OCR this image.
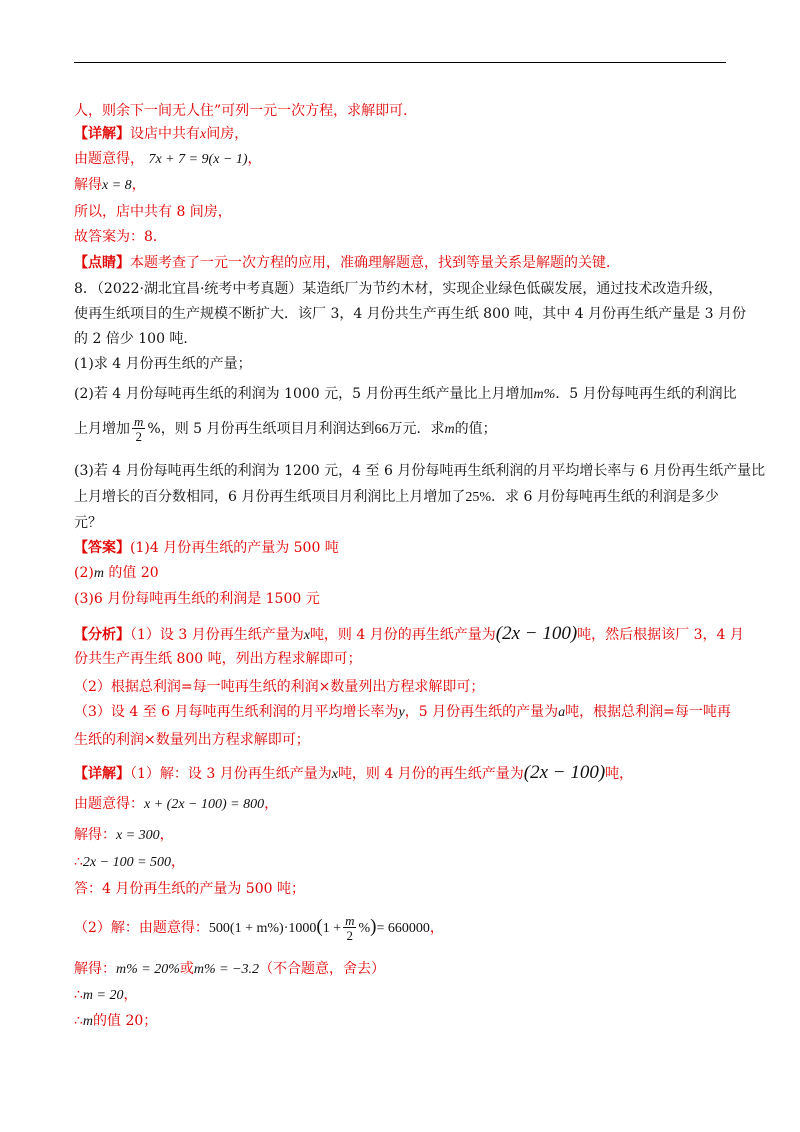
人，则余下一间无人住”可列一元一次方程，求解即可．
【详解】设店中共有x间房，
由题意得， 7x + 7 = 9(x − 1)，
解得x = 8，
所以，店中共有 8 间房，
故答案为：8．
【点睛】本题考查了一元一次方程的应用，准确理解题意，找到等量关系是解题的关键．
8．（2022·湖北宜昌·统考中考真题）某造纸厂为节约木材，实现企业绿色低碳发展，通过技术改造升级，
使再生纸项目的生产规模不断扩大．该厂 3，4 月份共生产再生纸 800 吨，其中 4 月份再生纸产量是 3 月份
的 2 倍少 100 吨．
(1)求 4 月份再生纸的产量；
(2)若 4 月份每吨再生纸的利润为 1000 元，5 月份再生纸产量比上月增加m%．5 月份每吨再生纸的利润比
上月增加 $\frac{m}{2}$ %，则 5 月份再生纸项目月利润达到66万元．求m的值；
(3)若 4 月份每吨再生纸的利润为 1200 元，4 至 6 月份每吨再生纸利润的月平均增长率与 6 月份再生纸产量比
上月增长的百分数相同，6 月份再生纸项目月利润比上月增加了25%．求 6 月份每吨再生纸的利润是多少
元？
【答案】(1)4 月份再生纸的产量为 500 吨
(2)m 的值 20
(3)6 月份每吨再生纸的利润是 1500 元
【分析】（1）设 3 月份再生纸产量为x吨，则 4 月份的再生纸产量为(2x − 100)吨，然后根据该厂 3，4 月
份共生产再生纸 800 吨，列出方程求解即可；
（2）根据总利润=每一吨再生纸的利润×数量列出方程求解即可；
（3）设 4 至 6 月每吨再生纸利润的月平均增长率为y，5 月份再生纸的产量为a吨，根据总利润=每一吨再
生纸的利润×数量列出方程求解即可；
【详解】（1）解：设 3 月份再生纸产量为x吨，则 4 月份的再生纸产量为(2x − 100)吨，
由题意得：x + (2x − 100) = 800，
解得：x = 300，
∴2x − 100 = 500，
答：4 月份再生纸的产量为 500 吨；
（2）解：由题意得：$500(1 + m\%)\cdot 1000(1 + \frac{m}{2}$ %)= 660000，
解得：m% = 20%或m% = −3.2（不合题意，舍去）
∴m = 20，
∴m的值 20；
